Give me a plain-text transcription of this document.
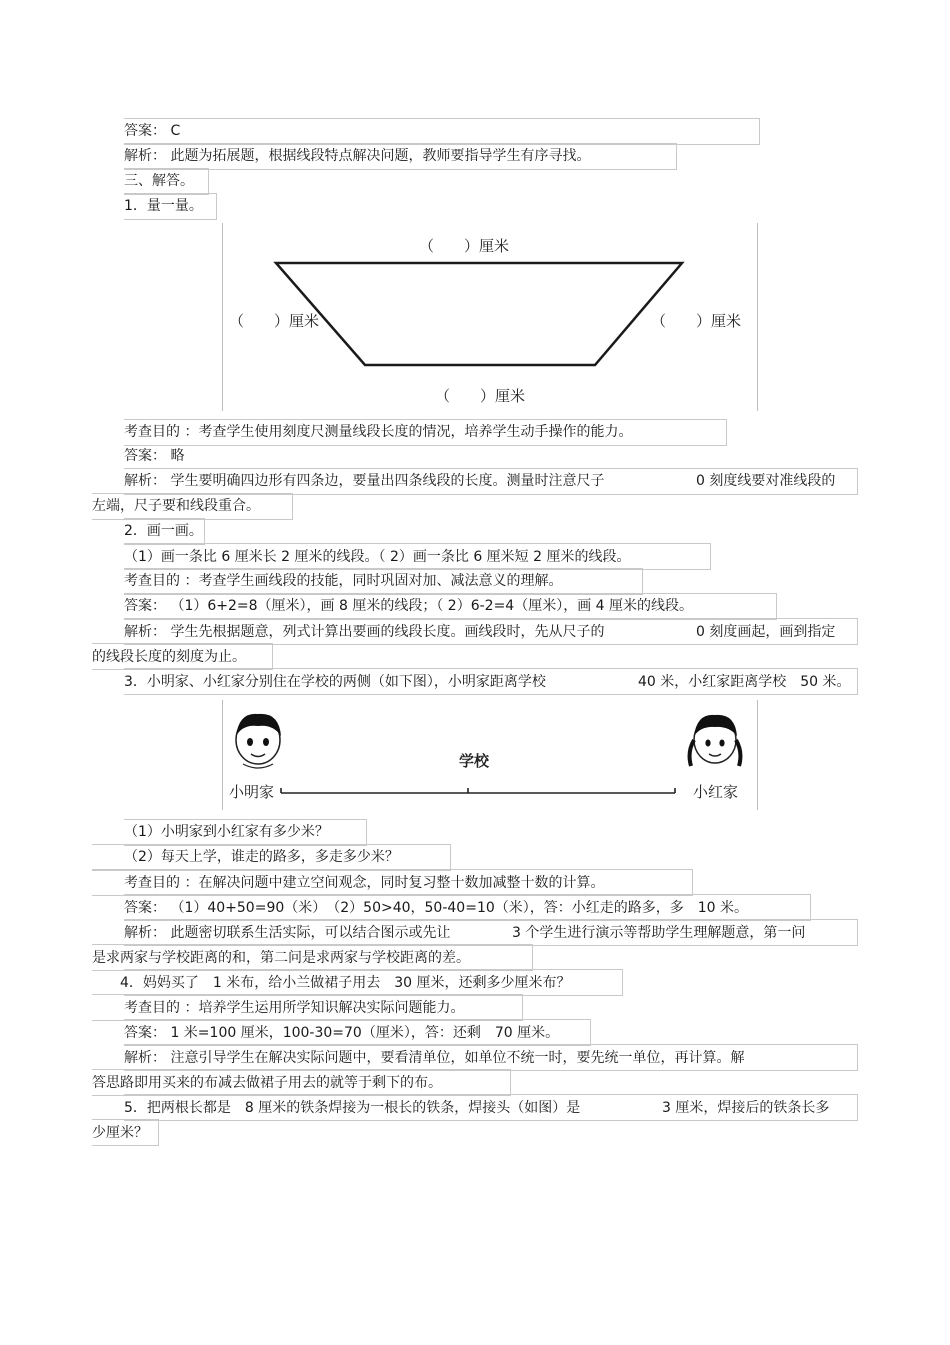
答案： C
解析： 此题为拓展题，根据线段特点解决问题，教师要指导学生有序寻找。
三、解答。
1．量一量。
（　　）厘米
（　　）厘米	（　　）厘米
（　　）厘米
考查目的 ：考查学生使用刻度尺测量线段长度的情况，培养学生动手操作的能力。
答案： 略
解析： 学生要明确四边形有四条边，要量出四条线段的长度。测量时注意尺子	0 刻度线要对准线段的
左端，尺子要和线段重合。
2．画一画。
（1）画一条比 6 厘米长 2 厘米的线段。（ 2）画一条比 6 厘米短 2 厘米的线段。
考查目的 ：考查学生画线段的技能，同时巩固对加、减法意义的理解。
答案： （1）6+2=8（厘米），画 8 厘米的线段；（ 2）6-2=4（厘米），画 4 厘米的线段。
解析： 学生先根据题意，列式计算出要画的线段长度。画线段时，先从尺子的	0 刻度画起，画到指定
的线段长度的刻度为止。
3．小明家、小红家分别住在学校的两侧（如下图），小明家距离学校	40 米，小红家距离学校　50 米。
学校
小明家	小红家
（1）小明家到小红家有多少米？
（2）每天上学，谁走的路多，多走多少米？
考查目的 ：在解决问题中建立空间观念，同时复习整十数加减整十数的计算。
答案： （1）40+50=90（米）　（2）50>40，50-40=10（米），答：小红走的路多，多　10 米。
解析： 此题密切联系生活实际，可以结合图示或先让	3 个学生进行演示等帮助学生理解题意，第一问
是求两家与学校距离的和，第二问是求两家与学校距离的差。
4．妈妈买了　1 米布，给小兰做裙子用去　30 厘米，还剩多少厘米布？
考查目的 ：培养学生运用所学知识解决实际问题能力。
答案： 1 米=100 厘米，100-30=70（厘米），答：还剩　70 厘米。
解析： 注意引导学生在解决实际问题中，要看清单位，如单位不统一时，要先统一单位，再计算。解
答思路即用买来的布减去做裙子用去的就等于剩下的布。
5．把两根长都是　8 厘米的铁条焊接为一根长的铁条，焊接头（如图）是	3 厘米，焊接后的铁条长多
少厘米？
